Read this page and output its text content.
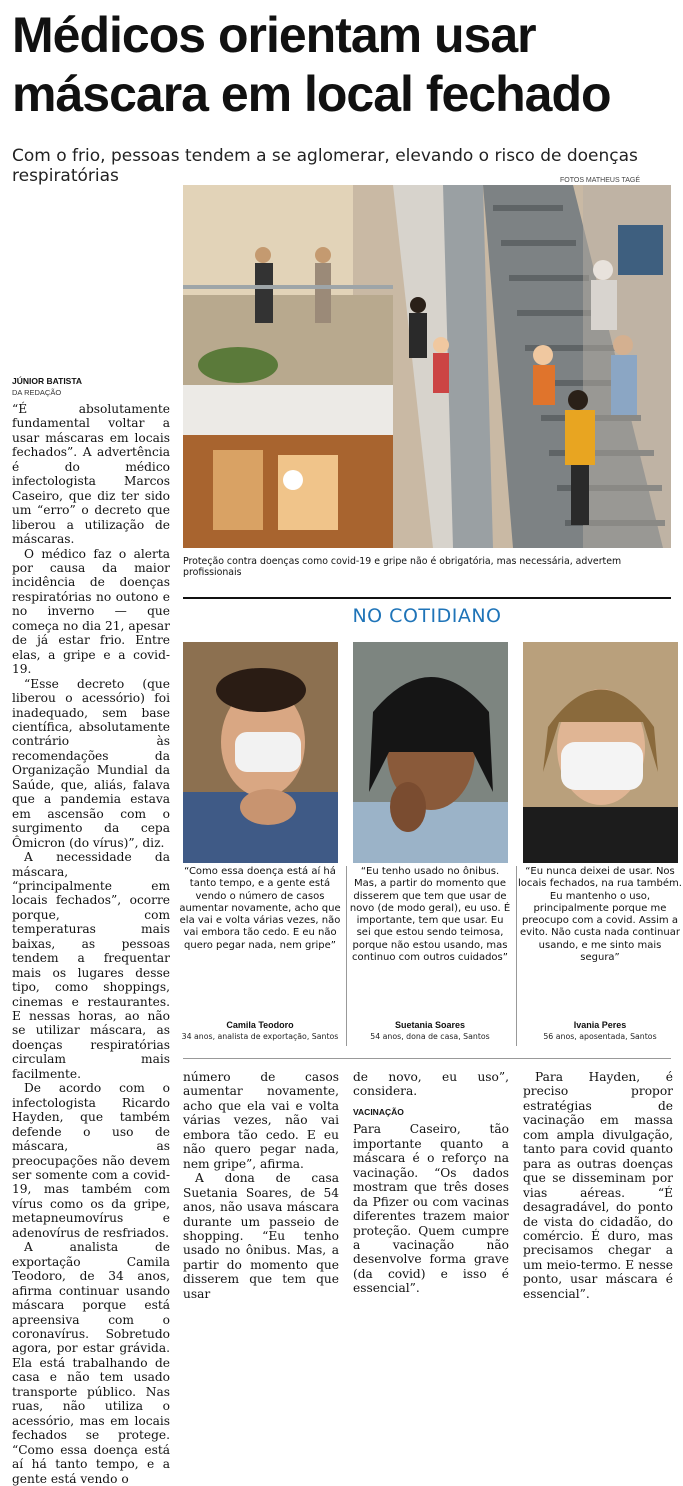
Médicos orientam usar máscara em local fechado
Com o frio, pessoas tendem a se aglomerar, elevando o risco de doenças respiratórias	FOTOS MATHEUS TAGÉ
Proteção contra doenças como covid-19 e gripe não é obrigatória, mas necessária, advertem profissionais
JÚNIOR BATISTA
DA REDAÇÃO

“É absolutamente fundamental voltar a usar máscaras em locais fechados”. A advertência é do médico infectologista Marcos Caseiro, que diz ter sido um “erro” o decreto que liberou a utilização de máscaras.

O médico faz o alerta por causa da maior incidência de doenças respiratórias no outono e no inverno — que começa no dia 21, apesar de já estar frio. Entre elas, a gripe e a covid-19.

“Esse decreto (que liberou o acessório) foi inadequado, sem base científica, absolutamente contrário às recomendações da Organização Mundial da Saúde, que, aliás, falava que a pandemia estava em ascensão com o surgimento da cepa Ômicron (do vírus)”, diz.

A necessidade da máscara, “principalmente em locais fechados”, ocorre porque, com temperaturas mais baixas, as pessoas tendem a frequentar mais os lugares desse tipo, como shoppings, cinemas e restaurantes. E nessas horas, ao não se utilizar máscara, as doenças respiratórias circulam mais facilmente.

De acordo com o infectologista Ricardo Hayden, que também defende o uso de máscara, as preocupações não devem ser somente com a covid-19, mas também com vírus como os da gripe, metapneumovírus e adenovírus de resfriados.

A analista de exportação Camila Teodoro, de 34 anos, afirma continuar usando máscara porque está apreensiva com o coronavírus. Sobretudo agora, por estar grávida. Ela está trabalhando de casa e não tem usado transporte público. Nas ruas, não utiliza o acessório, mas em locais fechados se protege. “Como essa doença está aí há tanto tempo, e a gente está vendo o

NO COTIDIANO
“Como essa doença está aí há tanto tempo, e a gente está vendo o número de casos aumentar novamente, acho que ela vai e volta várias vezes, não vai embora tão cedo. E eu não quero pegar nada, nem gripe”
“Eu tenho usado no ônibus. Mas, a partir do momento que disserem que tem que usar de novo (de modo geral), eu uso. É importante, tem que usar. Eu sei que estou sendo teimosa, porque não estou usando, mas continuo com outros cuidados”
“Eu nunca deixei de usar. Nos locais fechados, na rua também. Eu mantenho o uso, principalmente porque me preocupo com a covid. Assim a evito. Não custa nada continuar usando, e me sinto mais segura”
Camila Teodoro	Suetania Soares	Ivania Peres
34 anos, analista de exportação, Santos	54 anos, dona de casa, Santos	56 anos, aposentada, Santos

número de casos aumentar novamente, acho que ela vai e volta várias vezes, não vai embora tão cedo. E eu não quero pegar nada, nem gripe”, afirma.

A dona de casa Suetania Soares, de 54 anos, não usava máscara durante um passeio de shopping. “Eu tenho usado no ônibus. Mas, a partir do momento que disserem que tem que usar

de novo, eu uso”, considera.

VACINAÇÃO

Para Caseiro, tão importante quanto a máscara é o reforço na vacinação. “Os dados mostram que três doses da Pfizer ou com vacinas diferentes trazem maior proteção. Quem cumpre a vacinação não desenvolve forma grave (da covid) e isso é essencial”.

Para Hayden, é preciso propor estratégias de vacinação em massa com ampla divulgação, tanto para covid quanto para as outras doenças que se disseminam por vias aéreas. “É desagradável, do ponto de vista do cidadão, do comércio. É duro, mas precisamos chegar a um meio-termo. E nesse ponto, usar máscara é essencial”.
